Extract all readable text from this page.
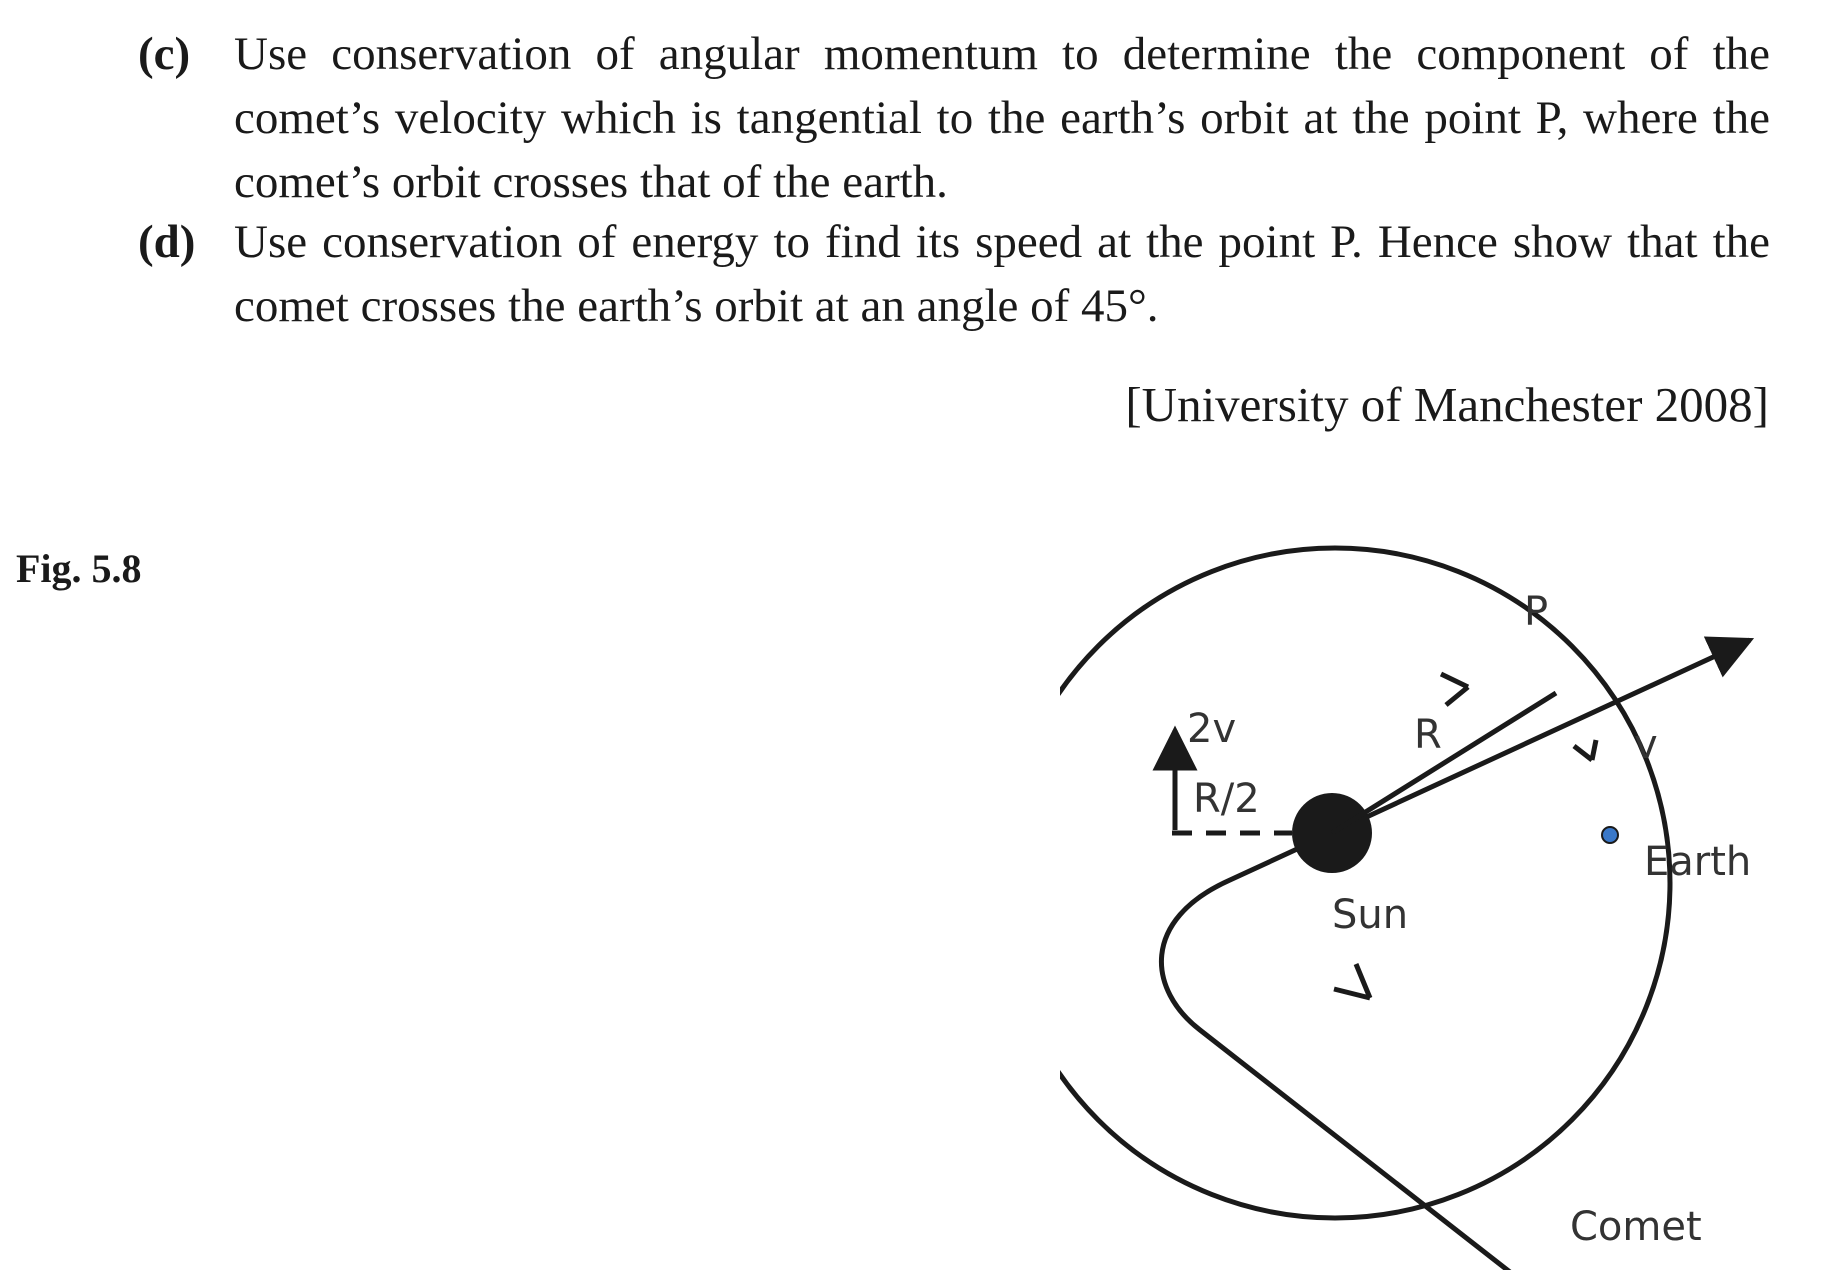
(c) Use conservation of angular momentum to determine the component of the comet’s velocity which is tangential to the earth’s orbit at the point P, where the comet’s orbit crosses that of the earth.
(d) Use conservation of energy to find its speed at the point P. Hence show that the comet crosses the earth’s orbit at an angle of 45°.
[University of Manchester 2008]
Fig. 5.8
P
2v
R/2
R	v
Earth
Sun
Comet
